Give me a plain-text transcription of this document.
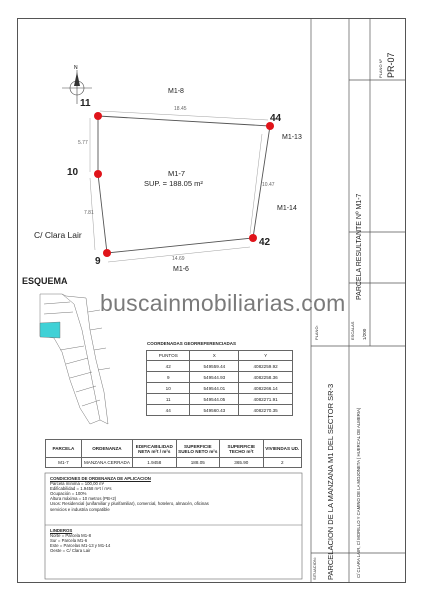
N
M1-8
18.45
11
44
M1-13
5.77
10	M1-7
SUP. = 188.05 m²	10.47
7.81
M1-14
C/ Clara Lair
42
9	14.69
M1-6
ESQUEMA
buscainmobiliarias.com
COORDENADAS GEORREFERENCIADAS
PUNTOS	X	Y
42	549559.44	4082259.92
9	549544.93	4082258.36
10	549544.01	4082266.14
11	549544.05	4082271.91
44	549560.43	4082270.35
PARCELA	ORDENANZA	EDIFICABILIDAD NETA m²t / m²s	SUPERFICIE SUELO NETO m²s	SUPERFICIE TECHO m²t	VIVIENDAS UD.
M1-7	MANZANA CERRADA	1.9458	188.05	365.90	2
CONDICIONES DE ORDENANZA DE APLICACION
Parcela mínima = 100,00 m²
Edificabilidad = 1.9458 m²t / m²s
Ocupación = 100%
Altura máxima = 10 metros (PB+2)
Usos: Residencial (unifamiliar y plurifamiliar), comercial, hotelero, almacén, oficinas
servicios e industria compatible
LINDEROS
Norte = Parcela M1-8
Sur = Parcela M1-6
Este = Parcelas M1-13 y M1-14
Oeste = C/ Clara Lair
PLANO Nº PR-07
PARCELA RESULTANTE Nº M1-7
PLANO:	ESCALAS 1/200
PARCELACION DE LA MANZANA M1 DEL SECTOR SR-3
SITUACION:	C/ CLARA LAIR, C/ MORILLO Y CAMINO DE LA MOJONETA ( HUERCAL DE ALMERIA)
